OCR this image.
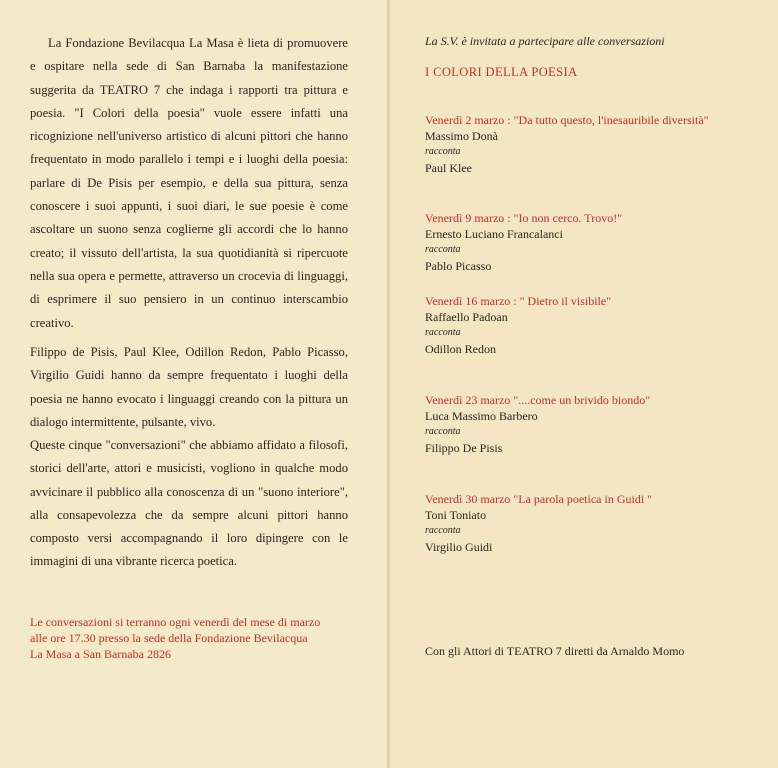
La Fondazione Bevilacqua La Masa è lieta di promuovere e ospitare nella sede di San Barnaba la manifestazione suggerita da TEATRO 7 che indaga i rapporti tra pittura e poesia. "I Colori della poesia" vuole essere infatti una ricognizione nell'universo artistico di alcuni pittori che hanno frequentato in modo parallelo i tempi e i luoghi della poesia: parlare di De Pisis per esempio, e della sua pittura, senza conoscere i suoi appunti, i suoi diari, le sue poesie è come ascoltare un suono senza coglierne gli accordi che lo hanno creato; il vissuto dell'artista, la sua quotidianità si ripercuote nella sua opera e permette, attraverso un crocevia di linguaggi, di esprimere il suo pensiero in un continuo interscambio creativo.

Filippo de Pisis, Paul Klee, Odillon Redon, Pablo Picasso, Virgilio Guidi hanno da sempre frequentato i luoghi della poesia ne hanno evocato i linguaggi creando con la pittura un dialogo intermittente, pulsante, vivo.

Queste cinque "conversazioni" che abbiamo affidato a filosofi, storici dell'arte, attori e musicisti, vogliono in qualche modo avvicinare il pubblico alla conoscenza di un "suono interiore", alla consapevolezza che da sempre alcuni pittori hanno composto versi accompagnando il loro dipingere con le immagini di una vibrante ricerca poetica.

Le conversazioni si terranno ogni venerdì del mese di marzo
alle ore 17.30 presso la sede della Fondazione Bevilacqua
La Masa a San Barnaba 2826
La S.V. è invitata a partecipare alle conversazioni
I COLORI DELLA POESIA
Venerdì 2 marzo : "Da tutto questo, l'inesauribile diversità"
Massimo Donà
racconta
Paul Klee
Venerdì 9 marzo : "Io non cerco. Trovo!"
Ernesto Luciano Francalanci
racconta
Pablo Picasso
Venerdì 16 marzo : " Dietro il visibile"
Raffaello Padoan
racconta
Odillon Redon
Venerdì 23 marzo "....come un brivido biondo"
Luca Massimo Barbero
racconta
Filippo De Pisis
Venerdì 30 marzo "La parola poetica in Guidi "
Toni Toniato
racconta
Virgilio Guidi
Con gli Attori di TEATRO 7 diretti da Arnaldo Momo
